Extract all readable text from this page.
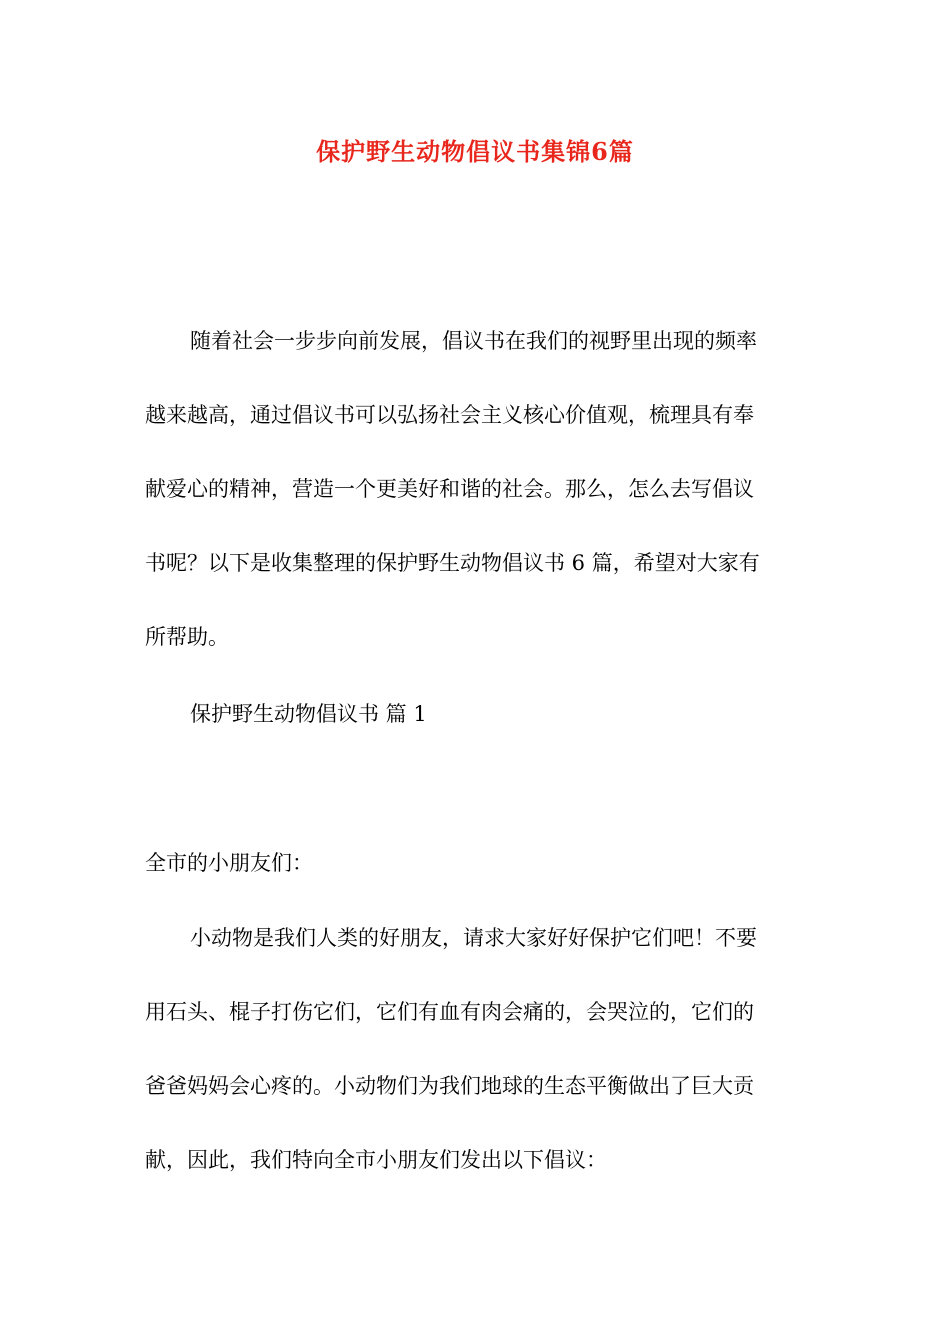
保护野生动物倡议书集锦6篇
随着社会一步步向前发展，倡议书在我们的视野里出现的频率
越来越高，通过倡议书可以弘扬社会主义核心价值观，梳理具有奉
献爱心的精神，营造一个更美好和谐的社会。那么，怎么去写倡议
书呢？以下是收集整理的保护野生动物倡议书 6 篇，希望对大家有
所帮助。
保护野生动物倡议书 篇 1
全市的小朋友们：
小动物是我们人类的好朋友，请求大家好好保护它们吧！不要
用石头、棍子打伤它们，它们有血有肉会痛的，会哭泣的，它们的
爸爸妈妈会心疼的。小动物们为我们地球的生态平衡做出了巨大贡
献，因此，我们特向全市小朋友们发出以下倡议：
